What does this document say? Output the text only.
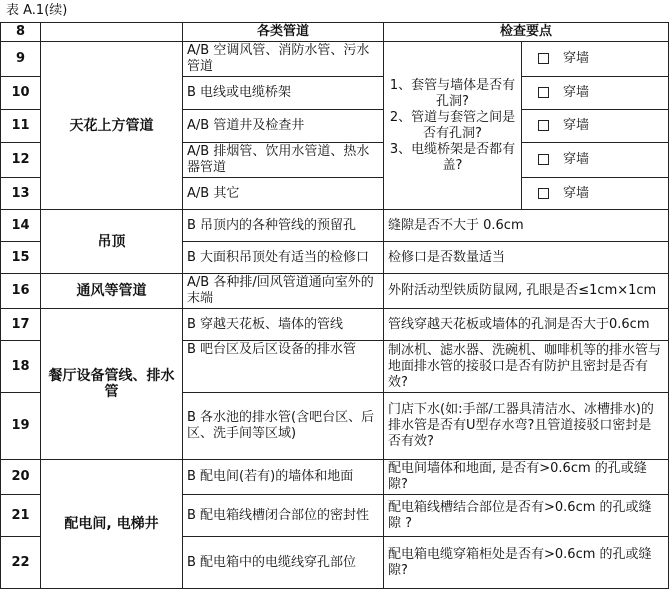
表 A.1(续)
8		各类管道	检查要点	
9	天花上方管道	A/B 空调风管、消防水管、污水管道	1、套管与墙体是否有孔洞?
2、管道与套管之间是否有孔洞?
3、电缆桥架是否都有盖?	穿墙
10		B 电线或电缆桥架		穿墙
11		A/B 管道井及检查井		穿墙
12		A/B 排烟管、饮用水管道、热水器管道		穿墙
13		A/B 其它		穿墙
14	吊顶	B 吊顶内的各种管线的预留孔	缝隙是否不大于 0.6cm	
15		B 大面积吊顶处有适当的检修口	检修口是否数量适当	
16	通风等管道	A/B 各种排/回风管道通向室外的末端	外附活动型铁质防鼠网, 孔眼是否≤1cm×1cm	
17	餐厅设备管线、排水管	B 穿越天花板、墙体的管线	管线穿越天花板或墙体的孔洞是否大于0.6cm	
18		B 吧台区及后区设备的排水管	制冰机、滤水器、洗碗机、咖啡机等的排水管与地面排水管的接驳口是否有防护且密封是否有效?	
19		B 各水池的排水管(含吧台区、后区、洗手间等区域)	门店下水(如:手部/工器具清洁水、冰槽排水)的排水管是否有U型存水弯?且管道接驳口密封是否有效?	
20	配电间, 电梯井	B 配电间(若有)的墙体和地面	配电间墙体和地面, 是否有>0.6cm 的孔或缝隙?	
21		B 配电箱线槽闭合部位的密封性	配电箱线槽结合部位是否有>0.6cm 的孔或缝隙 ?	
22		B 配电箱中的电缆线穿孔部位	配电箱电缆穿箱柜处是否有>0.6cm 的孔或缝隙?	
